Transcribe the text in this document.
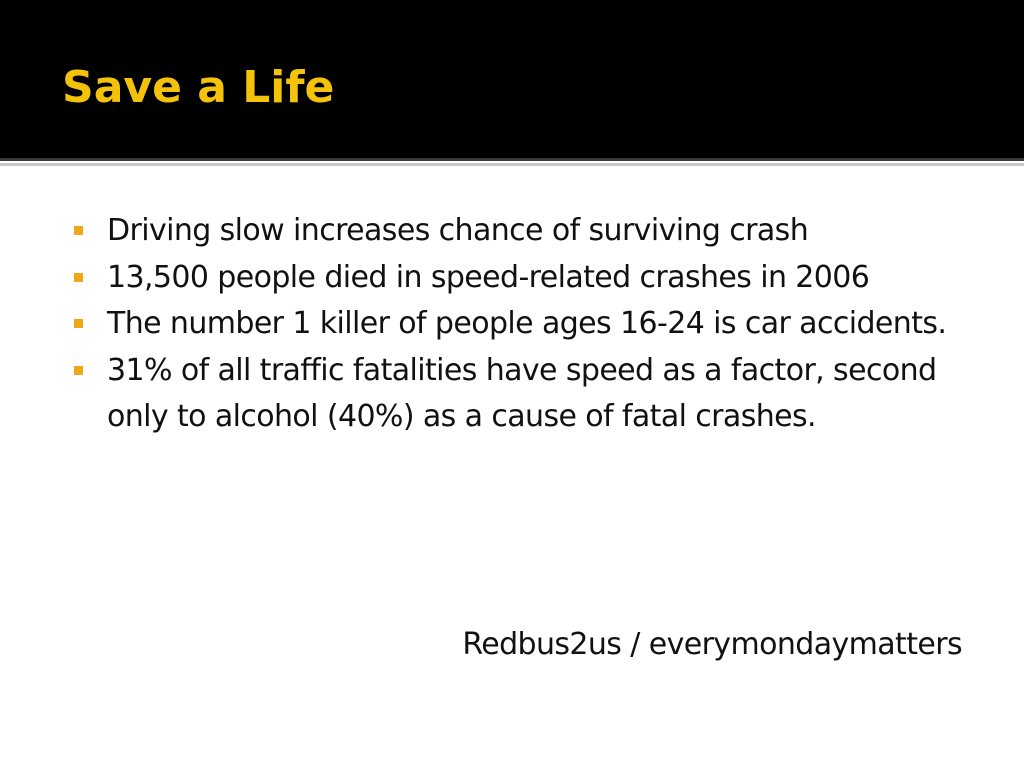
Save a Life
Driving slow increases chance of surviving crash
13,500 people died in speed-related crashes in 2006
The number 1 killer of people ages 16-24 is car accidents.
31% of all traffic fatalities have speed as a factor, second only to alcohol (40%) as a cause of fatal crashes.
Redbus2us / everymondaymatters
